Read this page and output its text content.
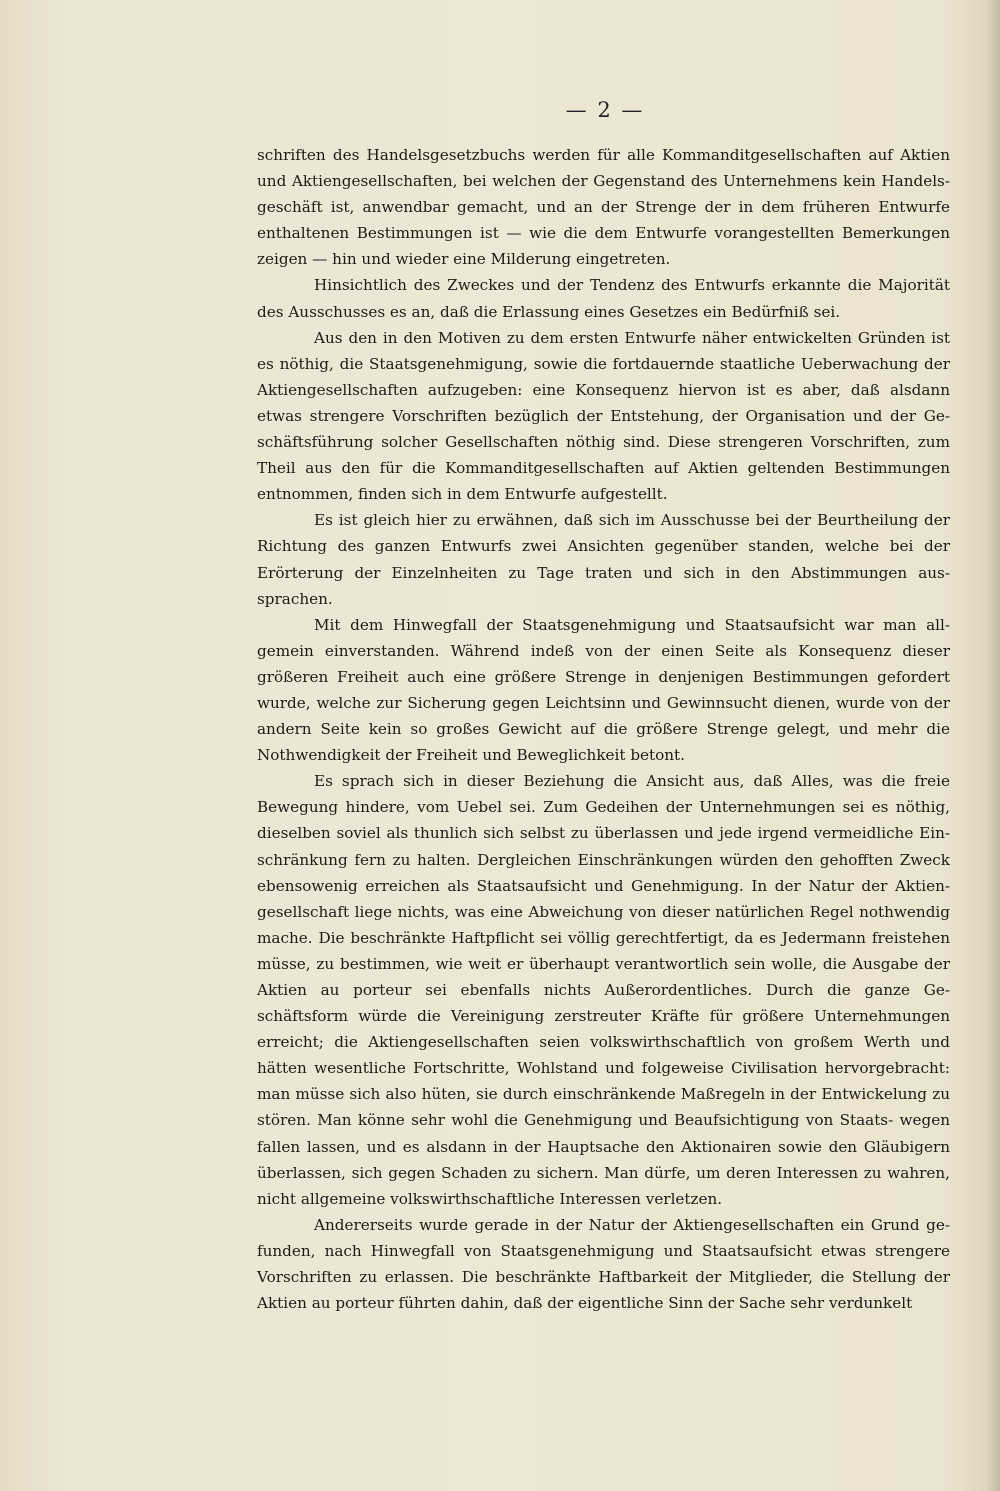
— 2 —

schriften des Handelsgesetzbuchs werden für alle Kommanditgesellschaften auf Aktien und Aktiengesellschaften, bei welchen der Gegenstand des Unternehmens kein Handels- geschäft ist, anwendbar gemacht, und an der Strenge der in dem früheren Entwurfe enthaltenen Bestimmungen ist — wie die dem Entwurfe vorangestellten Bemerkungen zeigen — hin und wieder eine Milderung eingetreten.

Hinsichtlich des Zweckes und der Tendenz des Entwurfs erkannte die Majorität des Ausschusses es an, daß die Erlassung eines Gesetzes ein Bedürfniß sei.

Aus den in den Motiven zu dem ersten Entwurfe näher entwickelten Gründen ist es nöthig, die Staatsgenehmigung, sowie die fortdauernde staatliche Ueberwachung der Aktiengesellschaften aufzugeben: eine Konsequenz hiervon ist es aber, daß alsdann etwas strengere Vorschriften bezüglich der Entstehung, der Organisation und der Ge- schäftsführung solcher Gesellschaften nöthig sind. Diese strengeren Vorschriften, zum Theil aus den für die Kommanditgesellschaften auf Aktien geltenden Bestimmungen entnommen, finden sich in dem Entwurfe aufgestellt.

Es ist gleich hier zu erwähnen, daß sich im Ausschusse bei der Beurtheilung der Richtung des ganzen Entwurfs zwei Ansichten gegenüber standen, welche bei der Erörterung der Einzelnheiten zu Tage traten und sich in den Abstimmungen aus- sprachen.

Mit dem Hinwegfall der Staatsgenehmigung und Staatsaufsicht war man all- gemein einverstanden. Während indeß von der einen Seite als Konsequenz dieser größeren Freiheit auch eine größere Strenge in denjenigen Bestimmungen gefordert wurde, welche zur Sicherung gegen Leichtsinn und Gewinnsucht dienen, wurde von der andern Seite kein so großes Gewicht auf die größere Strenge gelegt, und mehr die Nothwendigkeit der Freiheit und Beweglichkeit betont.

Es sprach sich in dieser Beziehung die Ansicht aus, daß Alles, was die freie Bewegung hindere, vom Uebel sei. Zum Gedeihen der Unternehmungen sei es nöthig, dieselben soviel als thunlich sich selbst zu überlassen und jede irgend vermeidliche Ein- schränkung fern zu halten. Dergleichen Einschränkungen würden den gehofften Zweck ebensowenig erreichen als Staatsaufsicht und Genehmigung. In der Natur der Aktien- gesellschaft liege nichts, was eine Abweichung von dieser natürlichen Regel nothwendig mache. Die beschränkte Haftpflicht sei völlig gerechtfertigt, da es Jedermann freistehen müsse, zu bestimmen, wie weit er überhaupt verantwortlich sein wolle, die Ausgabe der Aktien au porteur sei ebenfalls nichts Außerordentliches. Durch die ganze Ge- schäftsform würde die Vereinigung zerstreuter Kräfte für größere Unternehmungen erreicht; die Aktiengesellschaften seien volkswirthschaftlich von großem Werth und hätten wesentliche Fortschritte, Wohlstand und folgeweise Civilisation hervorgebracht: man müsse sich also hüten, sie durch einschränkende Maßregeln in der Entwickelung zu stören. Man könne sehr wohl die Genehmigung und Beaufsichtigung von Staats- wegen fallen lassen, und es alsdann in der Hauptsache den Aktionairen sowie den Gläubigern überlassen, sich gegen Schaden zu sichern. Man dürfe, um deren Interessen zu wahren, nicht allgemeine volkswirthschaftliche Interessen verletzen.

Andererseits wurde gerade in der Natur der Aktiengesellschaften ein Grund ge- funden, nach Hinwegfall von Staatsgenehmigung und Staatsaufsicht etwas strengere Vorschriften zu erlassen. Die beschränkte Haftbarkeit der Mitglieder, die Stellung der Aktien au porteur führten dahin, daß der eigentliche Sinn der Sache sehr verdunkelt
